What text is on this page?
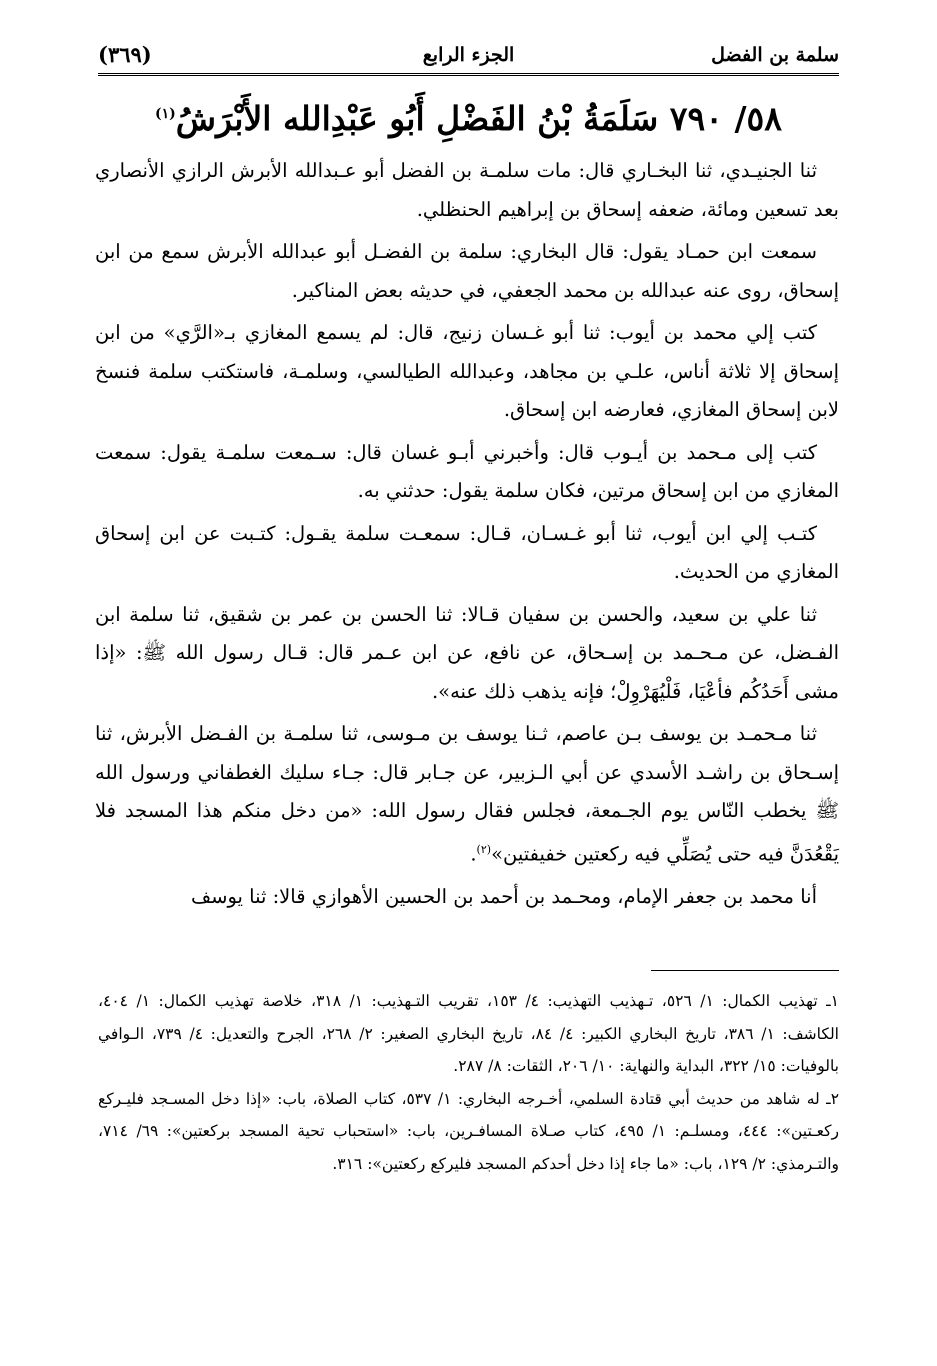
سلمة بن الفضل
الجزء الرابع
(٣٦٩)
٥٨/ ٧٩٠ سَلَمَةُ بْنُ الفَضْلِ أَبُو عَبْدِالله الأَبْرَشُ$^{(١)}$

ثنا الجنيـدي، ثنا البخـاري قال: مات سلمـة بن الفضل أبو عـبدالله الأبرش الرازي الأنصاري بعد تسعين ومائة، ضعفه إسحاق بن إبراهيم الحنظلي.

سمعت ابن حمـاد يقول: قال البخاري: سلمة بن الفضـل أبو عبدالله الأبرش سمع من ابن إسحاق، روى عنه عبدالله بن محمد الجعفي، في حديثه بعض المناكير.

كتب إلي محمد بن أيوب: ثنا أبو غـسان زنيج، قال: لم يسمع المغازي بـ«الرَّي» من ابن إسحاق إلا ثلاثة أناس، علـي بن مجاهد، وعبدالله الطيالسي، وسلمـة، فاستكتب سلمة فنسخ لابن إسحاق المغازي، فعارضه ابن إسحاق.

كتب إلى مـحمد بن أيـوب قال: وأخبرني أبـو غسان قال: سـمعت سلمـة يقول: سمعت المغازي من ابن إسحاق مرتين، فكان سلمة يقول: حدثني به.

كتـب إلي ابن أيوب، ثنا أبو غـسـان، قـال: سمعـت سلمة يقـول: كتـبت عن ابن إسحاق المغازي من الحديث.

ثنا علي بن سعيد، والحسن بن سفيان قـالا: ثنا الحسن بن عمر بن شقيق، ثنا سلمة ابن الفـضل، عن مـحـمد بن إسـحاق، عن نافع، عن ابن عـمر قال: قـال رسول الله ﷺ: «إذا مشى أَحَدُكُم فأعْيَا، فَلْيُهَرْوِلْ؛ فإنه يذهب ذلك عنه».

ثنا مـحمـد بن يوسف بـن عاصم، ثـنا يوسف بن مـوسى، ثنا سلمـة بن الفـضل الأبرش، ثنا إسـحاق بن راشـد الأسدي عن أبي الـزبير، عن جـابر قال: جـاء سليك الغطفاني ورسول الله ﷺ يخطب النّاس يوم الجـمعة، فجلس فقال رسول الله: «من دخل منكم هذا المسجد فلا يَقْعُدَنَّ فيه حتى يُصَلِّي فيه ركعتين خفيفتين»$^{(٢)}$.

أنا محمد بن جعفر الإمام، ومحـمد بن أحمد بن الحسين الأهوازي قالا: ثنا يوسف

١ـ تهذيب الكمال: ١/ ٥٢٦، تـهذيب التهذيب: ٤/ ١٥٣، تقريب التـهذيب: ١/ ٣١٨، خلاصة تهذيب الكمال: ١/ ٤٠٤، الكاشف: ١/ ٣٨٦، تاريخ البخاري الكبير: ٤/ ٨٤، تاريخ البخاري الصغير: ٢/ ٢٦٨، الجرح والتعديل: ٤/ ٧٣٩، الـوافي بالوفيات: ١٥/ ٣٢٢، البداية والنهاية: ١٠/ ٢٠٦، الثقات: ٨/ ٢٨٧.

٢ـ له شاهد من حديث أبي قتادة السلمي، أخـرجه البخاري: ١/ ٥٣٧، كتاب الصلاة، باب: «إذا دخل المسـجد فليـركع ركعـتين»: ٤٤٤، ومسلـم: ١/ ٤٩٥، كتاب صـلاة المسافـرين، باب: «استحباب تحية المسجد بركعتين»: ٦٩/ ٧١٤، والتـرمذي: ٢/ ١٢٩، باب: «ما جاء إذا دخل أحدكم المسجد فليركع ركعتين»: ٣١٦.
